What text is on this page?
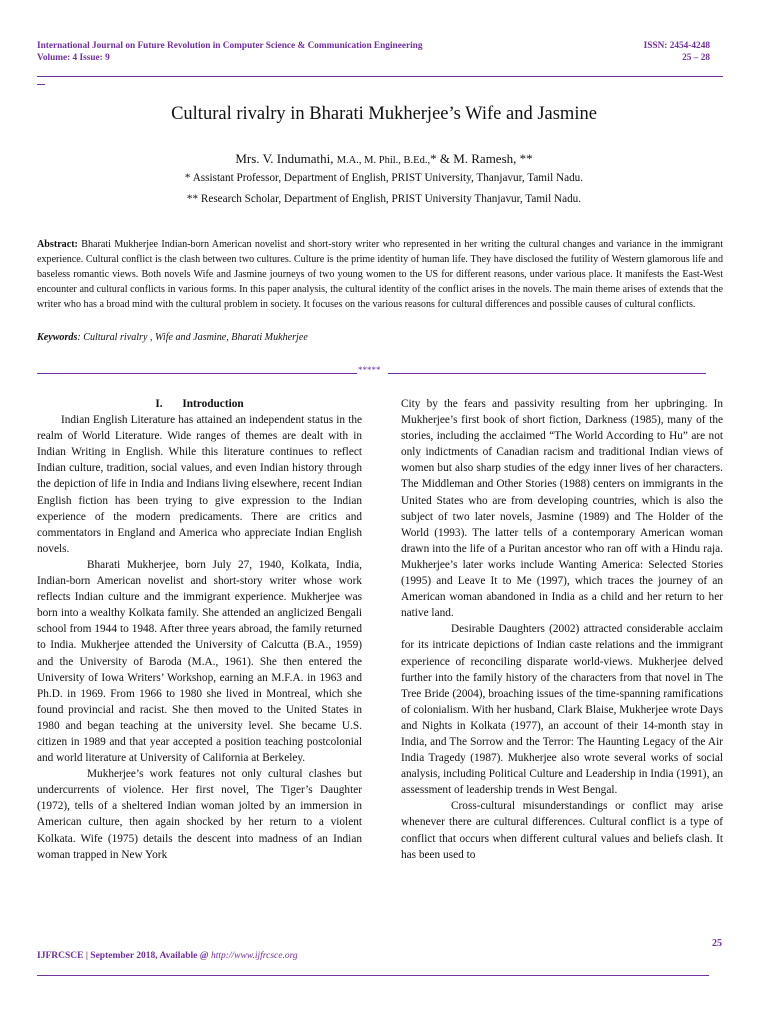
International Journal on Future Revolution in Computer Science & Communication Engineering
Volume: 4 Issue: 9
ISSN: 2454-4248
25 – 28
Cultural rivalry in Bharati Mukherjee’s Wife and Jasmine
Mrs. V. Indumathi, M.A., M. Phil., B.Ed.,* & M. Ramesh, **
* Assistant Professor, Department of English, PRIST University, Thanjavur, Tamil Nadu.
** Research Scholar, Department of English, PRIST University Thanjavur, Tamil Nadu.
Abstract: Bharati Mukherjee Indian-born American novelist and short-story writer who represented in her writing the cultural changes and variance in the immigrant experience. Cultural conflict is the clash between two cultures. Culture is the prime identity of human life. They have disclosed the futility of Western glamorous life and baseless romantic views. Both novels Wife and Jasmine journeys of two young women to the US for different reasons, under various place. It manifests the East-West encounter and cultural conflicts in various forms. In this paper analysis, the cultural identity of the conflict arises in the novels. The main theme arises of extends that the writer who has a broad mind with the cultural problem in society. It focuses on the various reasons for cultural differences and possible causes of cultural conflicts.
Keywords: Cultural rivalry , Wife and Jasmine, Bharati Mukherjee
*****

I. Introduction

Indian English Literature has attained an independent status in the realm of World Literature. Wide ranges of themes are dealt with in Indian Writing in English. While this literature continues to reflect Indian culture, tradition, social values, and even Indian history through the depiction of life in India and Indians living elsewhere, recent Indian English fiction has been trying to give expression to the Indian experience of the modern predicaments. There are critics and commentators in England and America who appreciate Indian English novels.

Bharati Mukherjee, born July 27, 1940, Kolkata, India, Indian-born American novelist and short-story writer whose work reflects Indian culture and the immigrant experience. Mukherjee was born into a wealthy Kolkata family. She attended an anglicized Bengali school from 1944 to 1948. After three years abroad, the family returned to India. Mukherjee attended the University of Calcutta (B.A., 1959) and the University of Baroda (M.A., 1961). She then entered the University of Iowa Writers’ Workshop, earning an M.F.A. in 1963 and Ph.D. in 1969. From 1966 to 1980 she lived in Montreal, which she found provincial and racist. She then moved to the United States in 1980 and began teaching at the university level. She became U.S. citizen in 1989 and that year accepted a position teaching postcolonial and world literature at University of California at Berkeley.

Mukherjee’s work features not only cultural clashes but undercurrents of violence. Her first novel, The Tiger’s Daughter (1972), tells of a sheltered Indian woman jolted by an immersion in American culture, then again shocked by her return to a violent Kolkata. Wife (1975) details the descent into madness of an Indian woman trapped in New York

City by the fears and passivity resulting from her upbringing. In Mukherjee’s first book of short fiction, Darkness (1985), many of the stories, including the acclaimed “The World According to Hu” are not only indictments of Canadian racism and traditional Indian views of women but also sharp studies of the edgy inner lives of her characters. The Middleman and Other Stories (1988) centers on immigrants in the United States who are from developing countries, which is also the subject of two later novels, Jasmine (1989) and The Holder of the World (1993). The latter tells of a contemporary American woman drawn into the life of a Puritan ancestor who ran off with a Hindu raja. Mukherjee’s later works include Wanting America: Selected Stories (1995) and Leave It to Me (1997), which traces the journey of an American woman abandoned in India as a child and her return to her native land.

Desirable Daughters (2002) attracted considerable acclaim for its intricate depictions of Indian caste relations and the immigrant experience of reconciling disparate world-views. Mukherjee delved further into the family history of the characters from that novel in The Tree Bride (2004), broaching issues of the time-spanning ramifications of colonialism. With her husband, Clark Blaise, Mukherjee wrote Days and Nights in Kolkata (1977), an account of their 14-month stay in India, and The Sorrow and the Terror: The Haunting Legacy of the Air India Tragedy (1987). Mukherjee also wrote several works of social analysis, including Political Culture and Leadership in India (1991), an assessment of leadership trends in West Bengal.

Cross-cultural misunderstandings or conflict may arise whenever there are cultural differences. Cultural conflict is a type of conflict that occurs when different cultural values and beliefs clash. It has been used to

25
IJFRCSCE | September 2018, Available @ http://www.ijfrcsce.org
